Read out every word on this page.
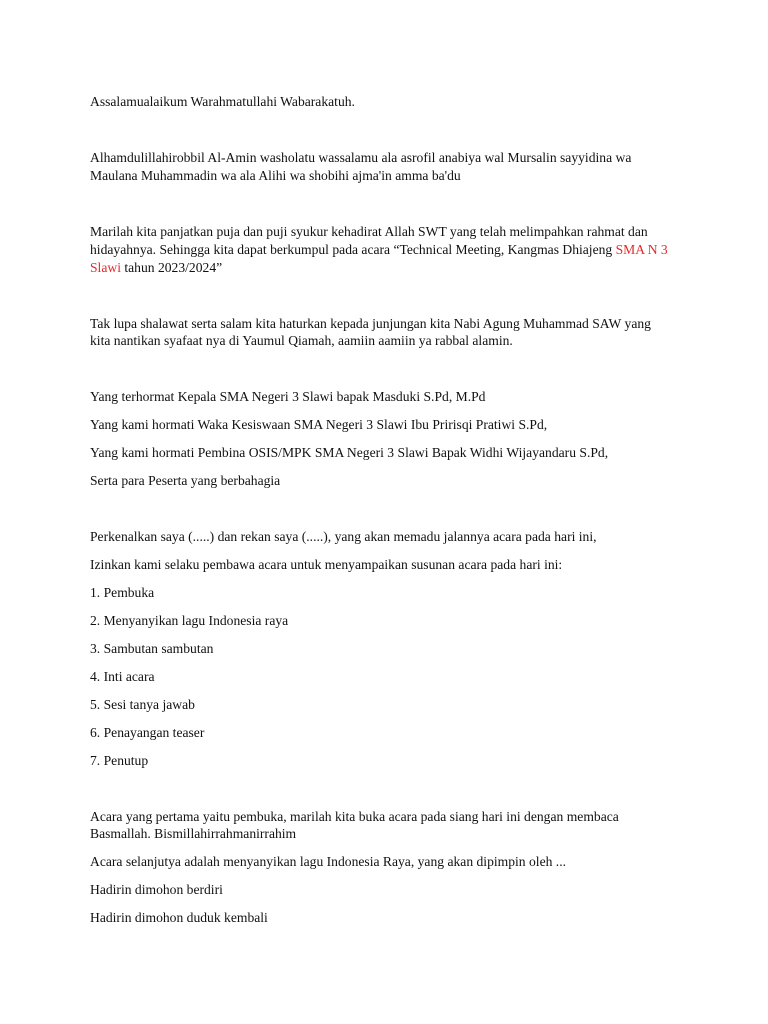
Assalamualaikum Warahmatullahi Wabarakatuh.
Alhamdulillahirobbil Al-Amin washolatu wassalamu ala asrofil anabiya wal Mursalin sayyidina wa
Maulana Muhammadin wa ala Alihi wa shobihi ajma'in amma ba'du
Marilah kita panjatkan puja dan puji syukur kehadirat Allah SWT yang telah melimpahkan rahmat dan
hidayahnya. Sehingga kita dapat berkumpul pada acara “Technical Meeting, Kangmas Dhiajeng SMA N 3
Slawi tahun 2023/2024”
Tak lupa shalawat serta salam kita haturkan kepada junjungan kita Nabi Agung Muhammad SAW yang
kita nantikan syafaat nya di Yaumul Qiamah, aamiin aamiin ya rabbal alamin.
Yang terhormat Kepala SMA Negeri 3 Slawi bapak Masduki S.Pd, M.Pd
Yang kami hormati Waka Kesiswaan SMA Negeri 3 Slawi Ibu Pririsqi Pratiwi S.Pd,
Yang kami hormati Pembina OSIS/MPK SMA Negeri 3 Slawi Bapak Widhi Wijayandaru S.Pd,
Serta para Peserta yang berbahagia
Perkenalkan saya (.....) dan rekan saya (.....), yang akan memadu jalannya acara pada hari ini,
Izinkan kami selaku pembawa acara untuk menyampaikan susunan acara pada hari ini:
1. Pembuka
2. Menyanyikan lagu Indonesia raya
3. Sambutan sambutan
4. Inti acara
5. Sesi tanya jawab
6. Penayangan teaser
7. Penutup
Acara yang pertama yaitu pembuka, marilah kita buka acara pada siang hari ini dengan membaca
Basmallah. Bismillahirrahmanirrahim
Acara selanjutya adalah menyanyikan lagu Indonesia Raya, yang akan dipimpin oleh ...
Hadirin dimohon berdiri
Hadirin dimohon duduk kembali
